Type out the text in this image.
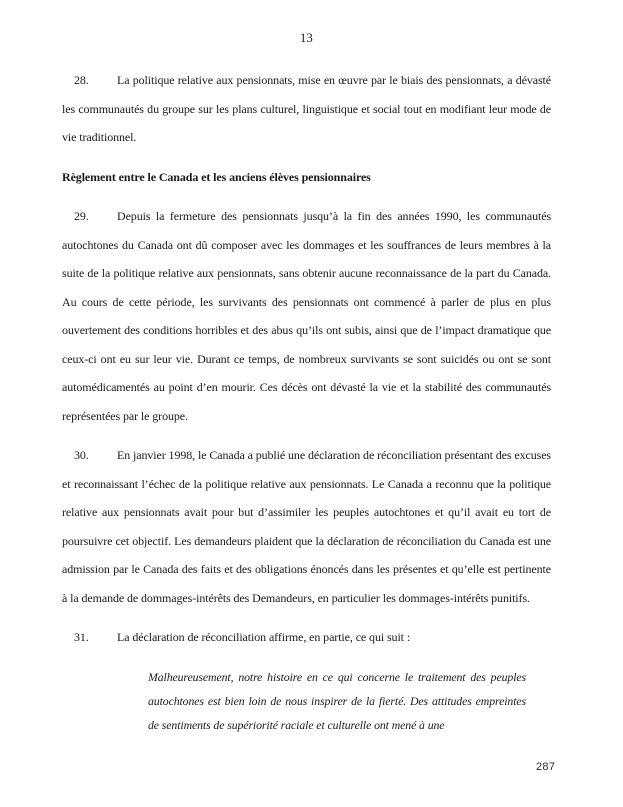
13

28. La politique relative aux pensionnats, mise en œuvre par le biais des pensionnats, a dévasté les communautés du groupe sur les plans culturel, linguistique et social tout en modifiant leur mode de vie traditionnel.

Règlement entre le Canada et les anciens élèves pensionnaires

29. Depuis la fermeture des pensionnats jusqu’à la fin des années 1990, les communautés autochtones du Canada ont dû composer avec les dommages et les souffrances de leurs membres à la suite de la politique relative aux pensionnats, sans obtenir aucune reconnaissance de la part du Canada. Au cours de cette période, les survivants des pensionnats ont commencé à parler de plus en plus ouvertement des conditions horribles et des abus qu’ils ont subis, ainsi que de l’impact dramatique que ceux-ci ont eu sur leur vie. Durant ce temps, de nombreux survivants se sont suicidés ou ont se sont automédicamentés au point d’en mourir. Ces décès ont dévasté la vie et la stabilité des communautés représentées par le groupe.

30. En janvier 1998, le Canada a publié une déclaration de réconciliation présentant des excuses et reconnaissant l’échec de la politique relative aux pensionnats. Le Canada a reconnu que la politique relative aux pensionnats avait pour but d’assimiler les peuples autochtones et qu’il avait eu tort de poursuivre cet objectif. Les demandeurs plaident que la déclaration de réconciliation du Canada est une admission par le Canada des faits et des obligations énoncés dans les présentes et qu’elle est pertinente à la demande de dommages-intérêts des Demandeurs, en particulier les dommages-intérêts punitifs.

31. La déclaration de réconciliation affirme, en partie, ce qui suit :

Malheureusement, notre histoire en ce qui concerne le traitement des peuples autochtones est bien loin de nous inspirer de la fierté. Des attitudes empreintes de sentiments de supériorité raciale et culturelle ont mené à une

287
